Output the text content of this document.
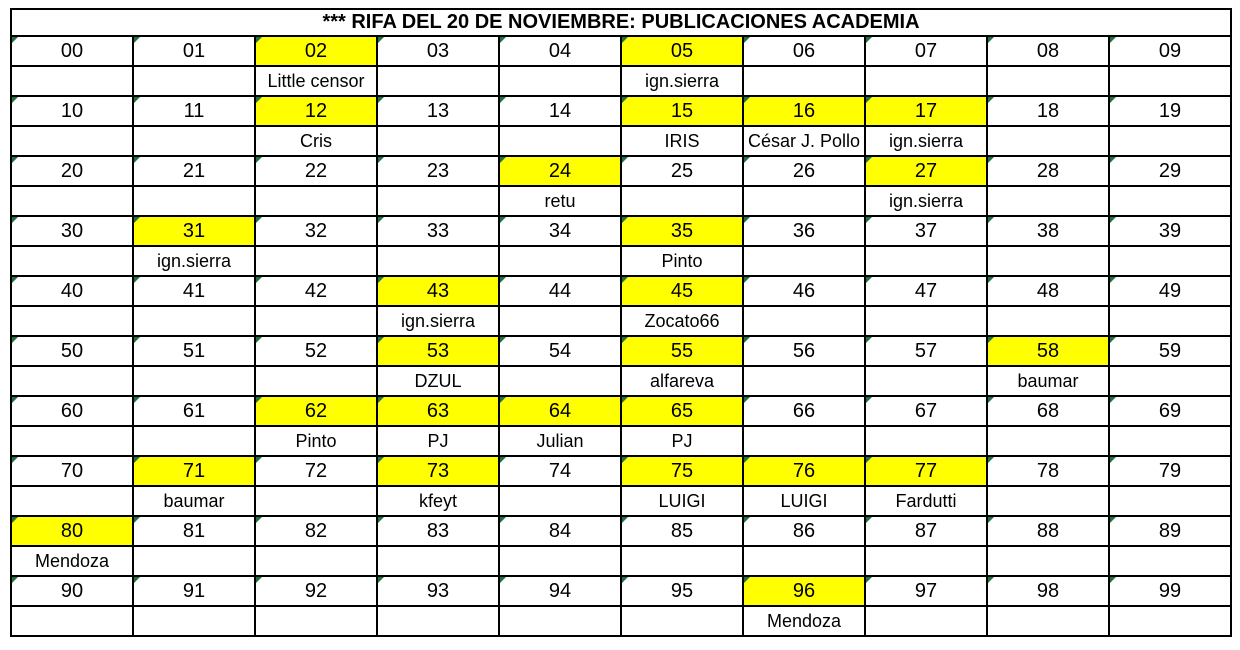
*** RIFA DEL 20 DE NOVIEMBRE: PUBLICACIONES ACADEMIA									

00	01	02	03	04	05	06	07	08	09
		Little censor			ign.sierra				

10	11	12	13	14	15	16	17	18	19
		Cris			IRIS	César J. Pollo	ign.sierra		

20	21	22	23	24	25	26	27	28	29
				retu			ign.sierra		

30	31	32	33	34	35	36	37	38	39
	ign.sierra				Pinto				

40	41	42	43	44	45	46	47	48	49
			ign.sierra		Zocato66				

50	51	52	53	54	55	56	57	58	59
			DZUL		alfareva			baumar	

60	61	62	63	64	65	66	67	68	69
		Pinto	PJ	Julian	PJ				

70	71	72	73	74	75	76	77	78	79
	baumar		kfeyt		LUIGI	LUIGI	Fardutti		

80	81	82	83	84	85	86	87	88	89
Mendoza									

90	91	92	93	94	95	96	97	98	99
						Mendoza			
